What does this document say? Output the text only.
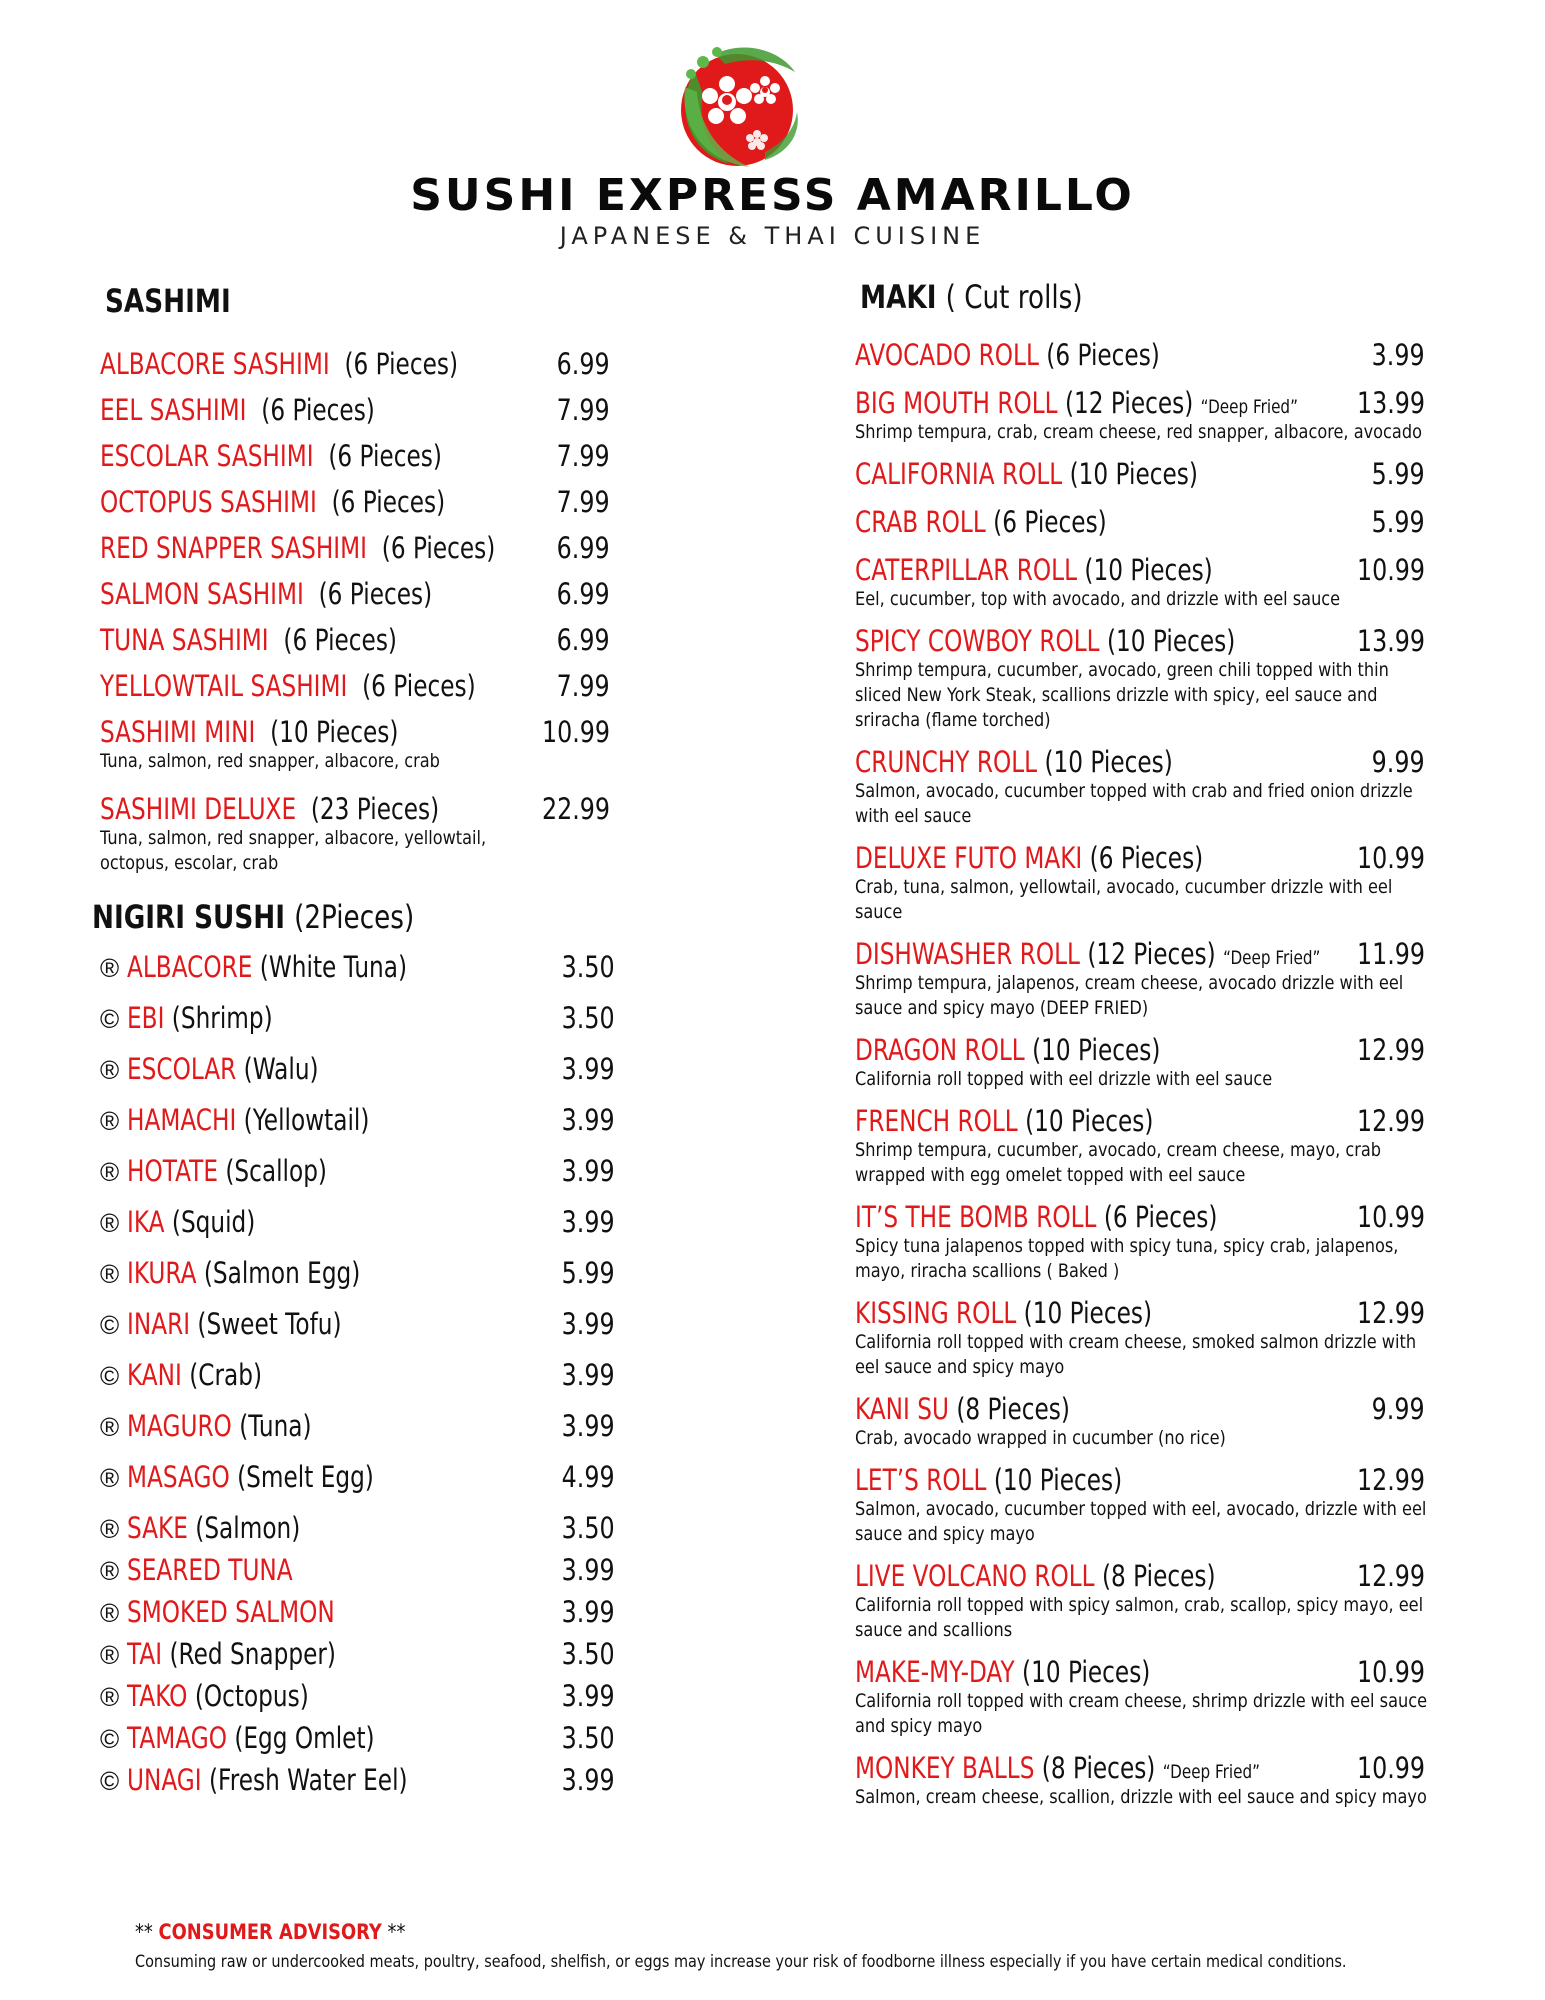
SUSHI EXPRESS AMARILLO
JAPANESE & THAI CUISINE
SASHIMI
ALBACORE SASHIMI (6 Pieces)	6.99
EEL SASHIMI (6 Pieces)	7.99
ESCOLAR SASHIMI (6 Pieces)	7.99
OCTOPUS SASHIMI (6 Pieces)	7.99
RED SNAPPER SASHIMI (6 Pieces) 6.99
SALMON SASHIMI (6 Pieces)	6.99
TUNA SASHIMI (6 Pieces)	6.99
YELLOWTAIL SASHIMI (6 Pieces)	7.99
SASHIMI MINI (10 Pieces)	10.99
Tuna, salmon, red snapper, albacore, crab
SASHIMI DELUXE (23 Pieces)	22.99
Tuna, salmon, red snapper, albacore, yellowtail, octopus, escolar, crab
NIGIRI SUSHI (2Pieces)
® ALBACORE (White Tuna)	3.50
© EBI (Shrimp)	3.50
® ESCOLAR (Walu)	3.99
® HAMACHI (Yellowtail)	3.99
® HOTATE (Scallop)	3.99
® IKA (Squid)	3.99
® IKURA (Salmon Egg)	5.99
© INARI (Sweet Tofu)	3.99
© KANI (Crab)	3.99
® MAGURO (Tuna)	3.99
® MASAGO (Smelt Egg)	4.99
® SAKE (Salmon)	3.50
® SEARED TUNA	3.99
® SMOKED SALMON	3.99
® TAI (Red Snapper)	3.50
® TAKO (Octopus)	3.99
© TAMAGO (Egg Omlet)	3.50
© UNAGI (Fresh Water Eel)	3.99
MAKI ( Cut rolls)
AVOCADO ROLL (6 Pieces)	3.99
BIG MOUTH ROLL (12 Pieces) “Deep Fried” 13.99
Shrimp tempura, crab, cream cheese, red snapper, albacore, avocado
CALIFORNIA ROLL (10 Pieces)	5.99
CRAB ROLL (6 Pieces)	5.99
CATERPILLAR ROLL (10 Pieces)	10.99
Eel, cucumber, top with avocado, and drizzle with eel sauce
SPICY COWBOY ROLL (10 Pieces)	13.99
Shrimp tempura, cucumber, avocado, green chili topped with thin sliced New York Steak, scallions drizzle with spicy, eel sauce and sriracha (flame torched)
CRUNCHY ROLL (10 Pieces)	9.99
Salmon, avocado, cucumber topped with crab and fried onion drizzle with eel sauce
DELUXE FUTO MAKI (6 Pieces)	10.99
Crab, tuna, salmon, yellowtail, avocado, cucumber drizzle with eel sauce
DISHWASHER ROLL (12 Pieces) “Deep Fried” 11.99
Shrimp tempura, jalapenos, cream cheese, avocado drizzle with eel sauce and spicy mayo (DEEP FRIED)
DRAGON ROLL (10 Pieces)	12.99
California roll topped with eel drizzle with eel sauce
FRENCH ROLL (10 Pieces)	12.99
Shrimp tempura, cucumber, avocado, cream cheese, mayo, crab wrapped with egg omelet topped with eel sauce
IT’S THE BOMB ROLL (6 Pieces)	10.99
Spicy tuna jalapenos topped with spicy tuna, spicy crab, jalapenos, mayo, riracha scallions ( Baked )
KISSING ROLL (10 Pieces)	12.99
California roll topped with cream cheese, smoked salmon drizzle with eel sauce and spicy mayo
KANI SU (8 Pieces)	9.99
Crab, avocado wrapped in cucumber (no rice)
LET’S ROLL (10 Pieces)	12.99
Salmon, avocado, cucumber topped with eel, avocado, drizzle with eel sauce and spicy mayo
LIVE VOLCANO ROLL (8 Pieces)	12.99
California roll topped with spicy salmon, crab, scallop, spicy mayo, eel sauce and scallions
MAKE-MY-DAY (10 Pieces)	10.99
California roll topped with cream cheese, shrimp drizzle with eel sauce and spicy mayo
MONKEY BALLS (8 Pieces) “Deep Fried”	10.99
Salmon, cream cheese, scallion, drizzle with eel sauce and spicy mayo
** CONSUMER ADVISORY **
Consuming raw or undercooked meats, poultry, seafood, shelfish, or eggs may increase your risk of foodborne illness especially if you have certain medical conditions.
